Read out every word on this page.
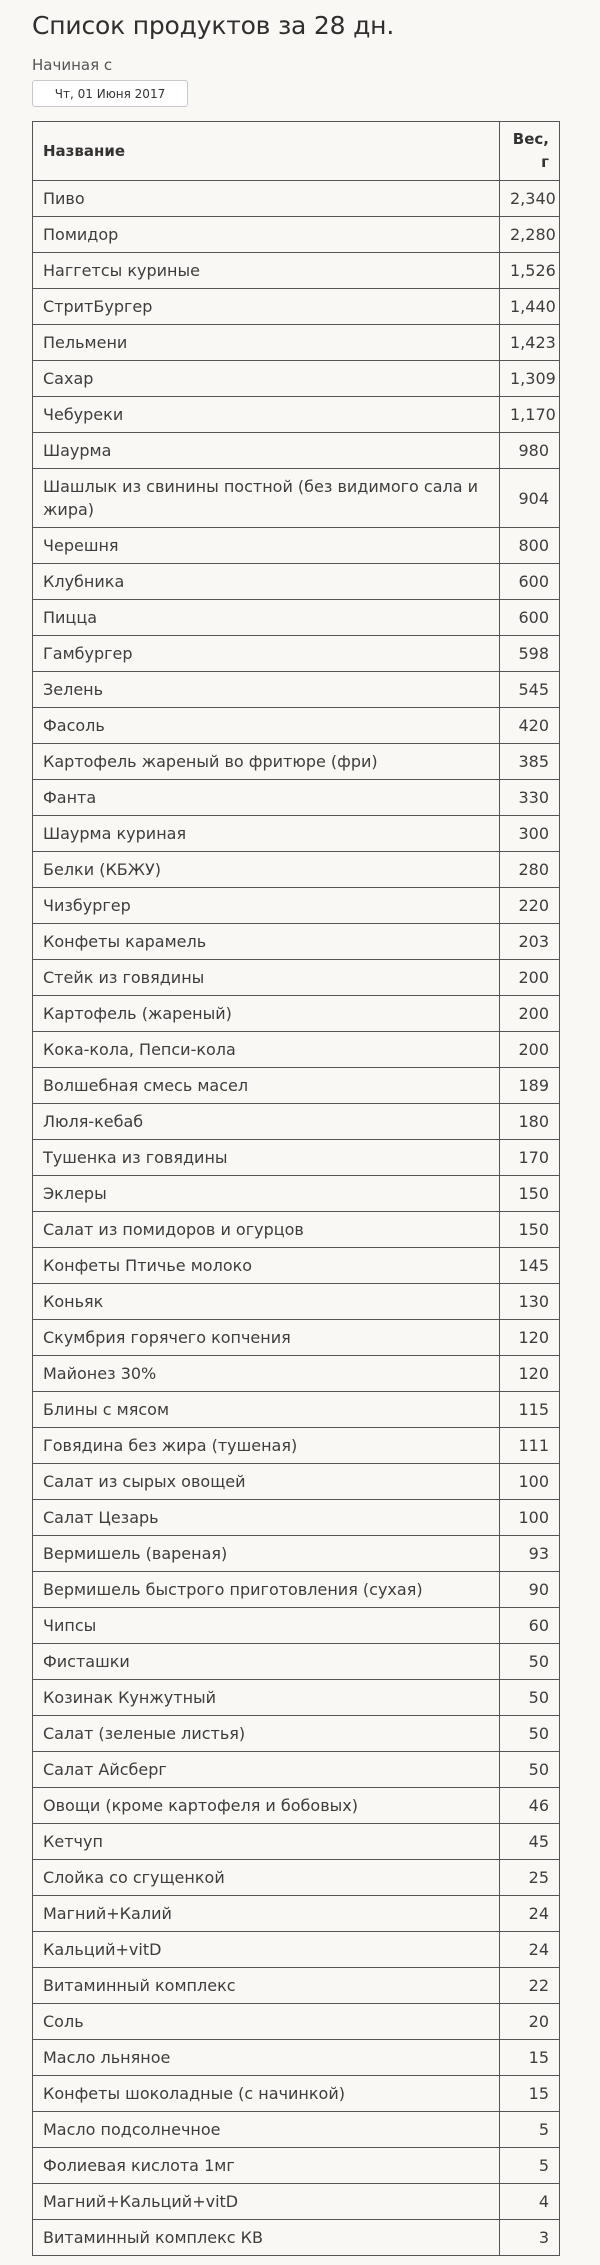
Список продуктов за 28 дн.
Начиная с
Чт, 01 Июня 2017
Название	Вес, г
Пиво	2,340
Помидор	2,280
Наггетсы куриные	1,526
СтритБургер	1,440
Пельмени	1,423
Сахар	1,309
Чебуреки	1,170
Шаурма	980
Шашлык из свинины постной (без видимого сала и жира)	904
Черешня	800
Клубника	600
Пицца	600
Гамбургер	598
Зелень	545
Фасоль	420
Картофель жареный во фритюре (фри)	385
Фанта	330
Шаурма куриная	300
Белки (КБЖУ)	280
Чизбургер	220
Конфеты карамель	203
Стейк из говядины	200
Картофель (жареный)	200
Кока-кола, Пепси-кола	200
Волшебная смесь масел	189
Люля-кебаб	180
Тушенка из говядины	170
Эклеры	150
Салат из помидоров и огурцов	150
Конфеты Птичье молоко	145
Коньяк	130
Скумбрия горячего копчения	120
Майонез 30%	120
Блины с мясом	115
Говядина без жира (тушеная)	111
Салат из сырых овощей	100
Салат Цезарь	100
Вермишель (вареная)	93
Вермишель быстрого приготовления (сухая)	90
Чипсы	60
Фисташки	50
Козинак Кунжутный	50
Салат (зеленые листья)	50
Салат Айсберг	50
Овощи (кроме картофеля и бобовых)	46
Кетчуп	45
Слойка со сгущенкой	25
Магний+Калий	24
Кальций+vitD	24
Витаминный комплекс	22
Соль	20
Масло льняное	15
Конфеты шоколадные (с начинкой)	15
Масло подсолнечное	5
Фолиевая кислота 1мг	5
Магний+Кальций+vitD	4
Витаминный комплекс КВ	3
